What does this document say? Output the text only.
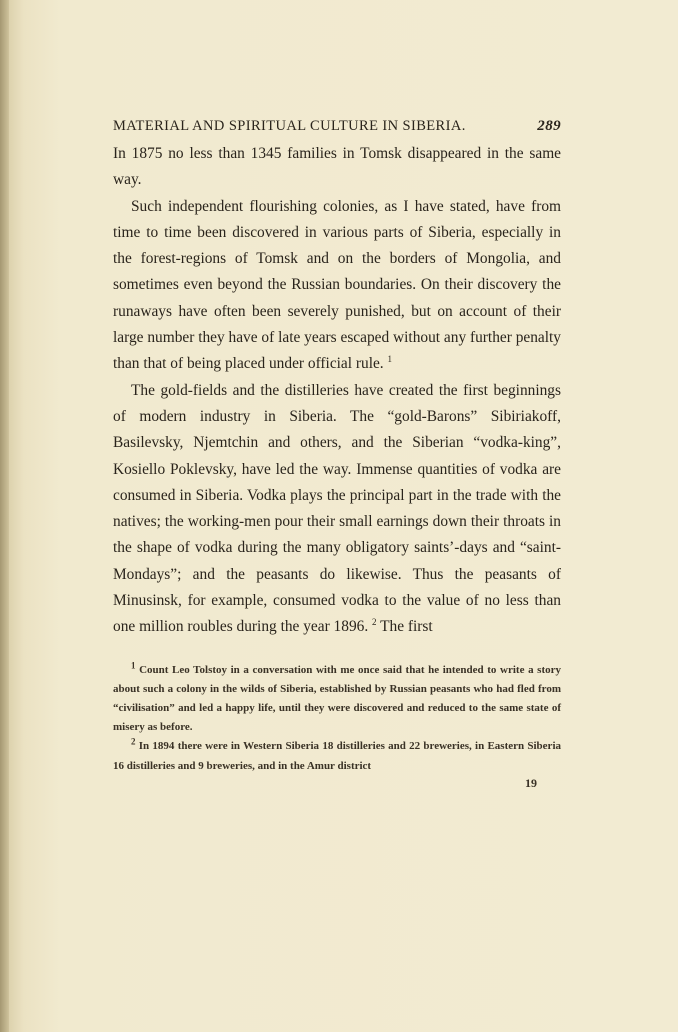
MATERIAL AND SPIRITUAL CULTURE IN SIBERIA.	289

In 1875 no less than 1345 families in Tomsk disappeared in the same way.

Such independent flourishing colonies, as I have stated, have from time to time been discovered in various parts of Siberia, especially in the forest-regions of Tomsk and on the borders of Mongolia, and sometimes even beyond the Russian boundaries. On their discovery the runaways have often been severely punished, but on account of their large number they have of late years escaped without any further penalty than that of being placed under official rule. $^1$

The gold-fields and the distilleries have created the first beginnings of modern industry in Siberia. The “gold-Barons” Sibiriakoff, Basilevsky, Njemtchin and others, and the Siberian “vodka-king”, Kosiello Poklevsky, have led the way. Immense quantities of vodka are consumed in Siberia. Vodka plays the principal part in the trade with the natives; the working-men pour their small earnings down their throats in the shape of vodka during the many obligatory saints’-days and “saint-Mondays”; and the peasants do likewise. Thus the peasants of Minusinsk, for example, consumed vodka to the value of no less than one million roubles during the year 1896. $^2$ The first

$^1$ Count Leo Tolstoy in a conversation with me once said that he intended to write a story about such a colony in the wilds of Siberia, established by Russian peasants who had fled from “civilisation” and led a happy life, until they were discovered and reduced to the same state of misery as before.

$^2$ In 1894 there were in Western Siberia 18 distilleries and 22 breweries, in Eastern Siberia 16 distilleries and 9 breweries, and in the Amur district

19
